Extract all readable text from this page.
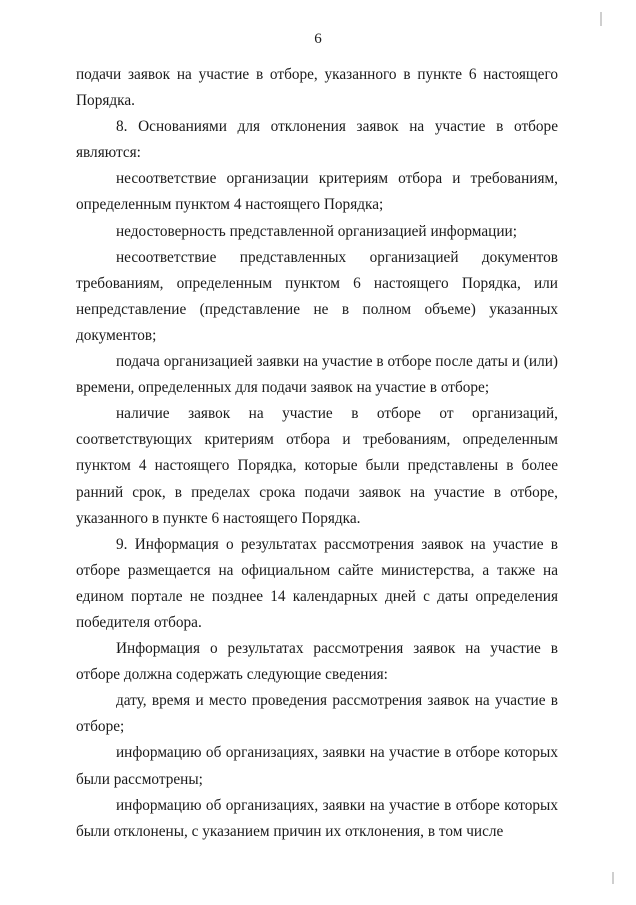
6

подачи заявок на участие в отборе, указанного в пункте 6 настоящего Порядка.

8. Основаниями для отклонения заявок на участие в отборе являются:

несоответствие организации критериям отбора и требованиям, определенным пунктом 4 настоящего Порядка;

недостоверность представленной организацией информации;

несоответствие представленных организацией документов требованиям, определенным пунктом 6 настоящего Порядка, или непредставление (представление не в полном объеме) указанных документов;

подача организацией заявки на участие в отборе после даты и (или) времени, определенных для подачи заявок на участие в отборе;

наличие заявок на участие в отборе от организаций, соответствующих критериям отбора и требованиям, определенным пунктом 4 настоящего Порядка, которые были представлены в более ранний срок, в пределах срока подачи заявок на участие в отборе, указанного в пункте 6 настоящего Порядка.

9. Информация о результатах рассмотрения заявок на участие в отборе размещается на официальном сайте министерства, а также на едином портале не позднее 14 календарных дней с даты определения победителя отбора.

Информация о результатах рассмотрения заявок на участие в отборе должна содержать следующие сведения:

дату, время и место проведения рассмотрения заявок на участие в отборе;

информацию об организациях, заявки на участие в отборе которых были рассмотрены;

информацию об организациях, заявки на участие в отборе которых были отклонены, с указанием причин их отклонения, в том числе
